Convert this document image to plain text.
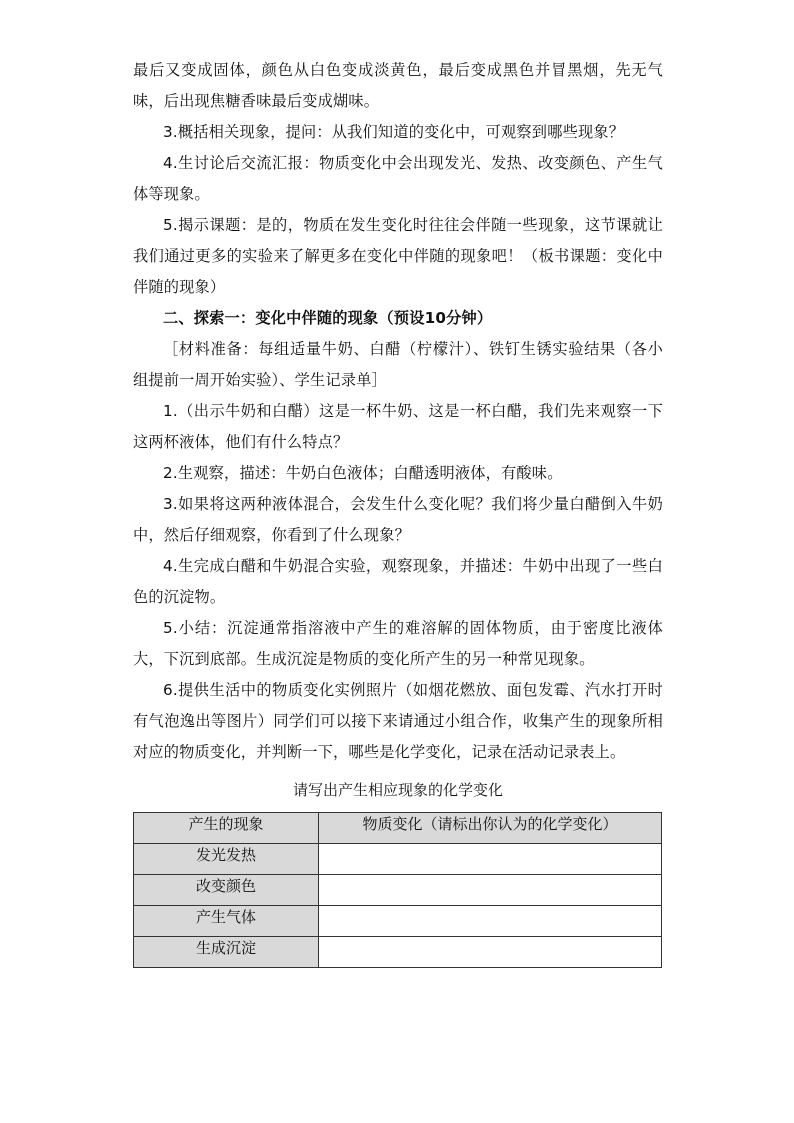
最后又变成固体，颜色从白色变成淡黄色，最后变成黑色并冒黑烟，先无气味，后出现焦糖香味最后变成煳味。

3.概括相关现象，提问：从我们知道的变化中，可观察到哪些现象？

4.生讨论后交流汇报：物质变化中会出现发光、发热、改变颜色、产生气体等现象。

5.揭示课题：是的，物质在发生变化时往往会伴随一些现象，这节课就让我们通过更多的实验来了解更多在变化中伴随的现象吧！（板书课题：变化中伴随的现象）

二、探索一：变化中伴随的现象（预设10分钟）

［材料准备：每组适量牛奶、白醋（柠檬汁）、铁钉生锈实验结果（各小组提前一周开始实验）、学生记录单］

1.（出示牛奶和白醋）这是一杯牛奶、这是一杯白醋，我们先来观察一下这两杯液体，他们有什么特点？

2.生观察，描述：牛奶白色液体；白醋透明液体，有酸味。

3.如果将这两种液体混合，会发生什么变化呢？我们将少量白醋倒入牛奶中，然后仔细观察，你看到了什么现象？

4.生完成白醋和牛奶混合实验，观察现象，并描述：牛奶中出现了一些白色的沉淀物。

5.小结：沉淀通常指溶液中产生的难溶解的固体物质，由于密度比液体大，下沉到底部。生成沉淀是物质的变化所产生的另一种常见现象。

6.提供生活中的物质变化实例照片（如烟花燃放、面包发霉、汽水打开时有气泡逸出等图片）同学们可以接下来请通过小组合作，收集产生的现象所相对应的物质变化，并判断一下，哪些是化学变化，记录在活动记录表上。

请写出产生相应现象的化学变化
产生的现象	物质变化（请标出你认为的化学变化）
发光发热	
改变颜色	
产生气体	
生成沉淀	
